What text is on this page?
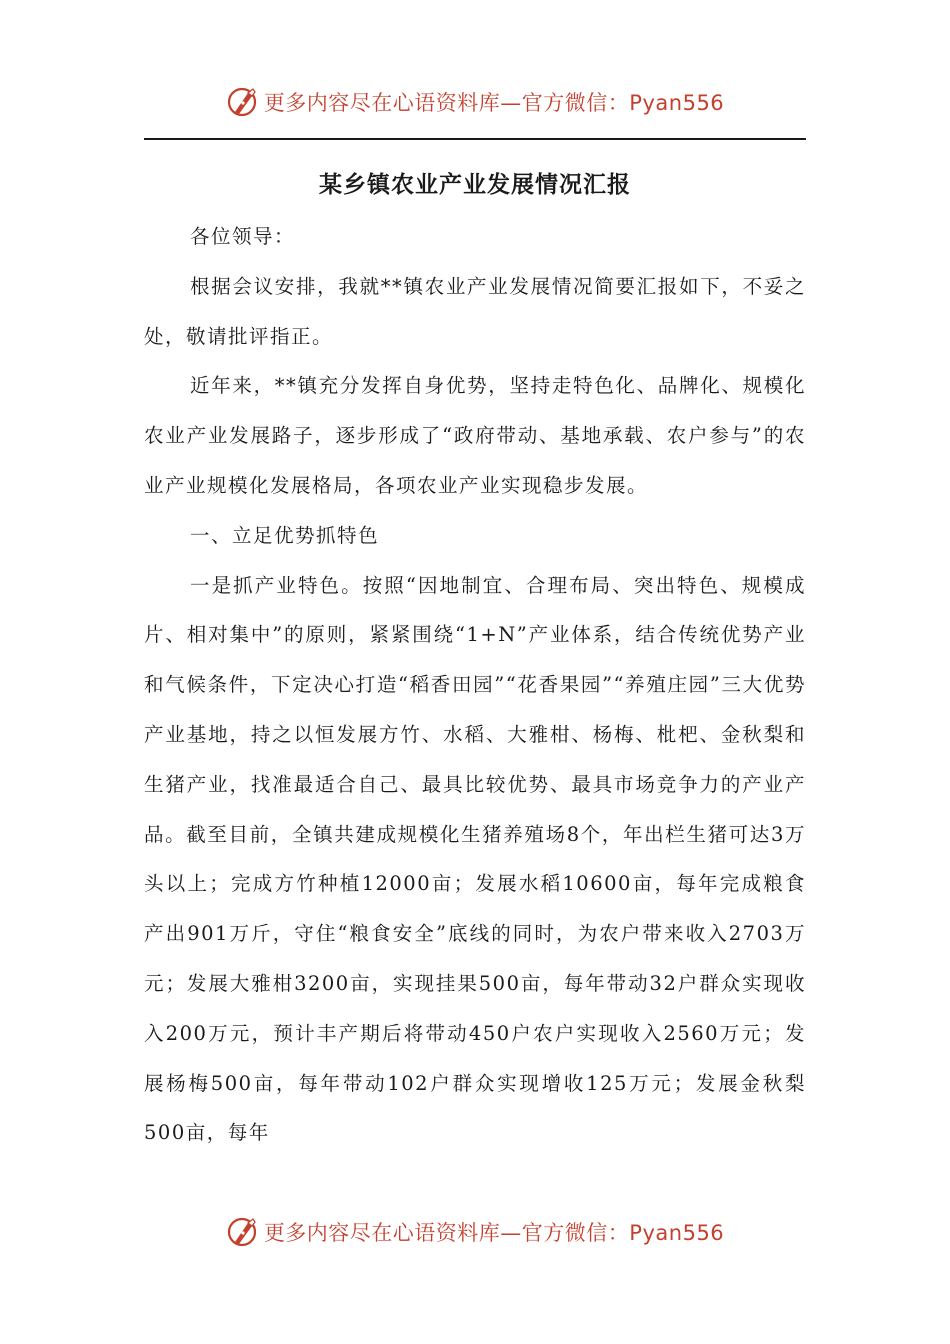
更多内容尽在心语资料库—官方微信：Pyan556
某乡镇农业产业发展情况汇报

各位领导：

根据会议安排，我就**镇农业产业发展情况简要汇报如下，不妥之处，敬请批评指正。

近年来，**镇充分发挥自身优势，坚持走特色化、品牌化、规模化农业产业发展路子，逐步形成了“政府带动、基地承载、农户参与”的农业产业规模化发展格局，各项农业产业实现稳步发展。

一、立足优势抓特色

一是抓产业特色。按照“因地制宜、合理布局、突出特色、规模成片、相对集中”的原则，紧紧围绕“1+N”产业体系，结合传统优势产业和气候条件，下定决心打造“稻香田园”“花香果园”“养殖庄园”三大优势产业基地，持之以恒发展方竹、水稻、大雅柑、杨梅、枇杷、金秋梨和生猪产业，找准最适合自己、最具比较优势、最具市场竞争力的产业产品。截至目前，全镇共建成规模化生猪养殖场8个，年出栏生猪可达3万头以上；完成方竹种植12000亩；发展水稻10600亩，每年完成粮食产出901万斤，守住“粮食安全”底线的同时，为农户带来收入2703万元；发展大雅柑3200亩，实现挂果500亩，每年带动32户群众实现收入200万元，预计丰产期后将带动450户农户实现收入2560万元；发展杨梅500亩，每年带动102户群众实现增收125万元；发展金秋梨500亩，每年

更多内容尽在心语资料库—官方微信：Pyan556
